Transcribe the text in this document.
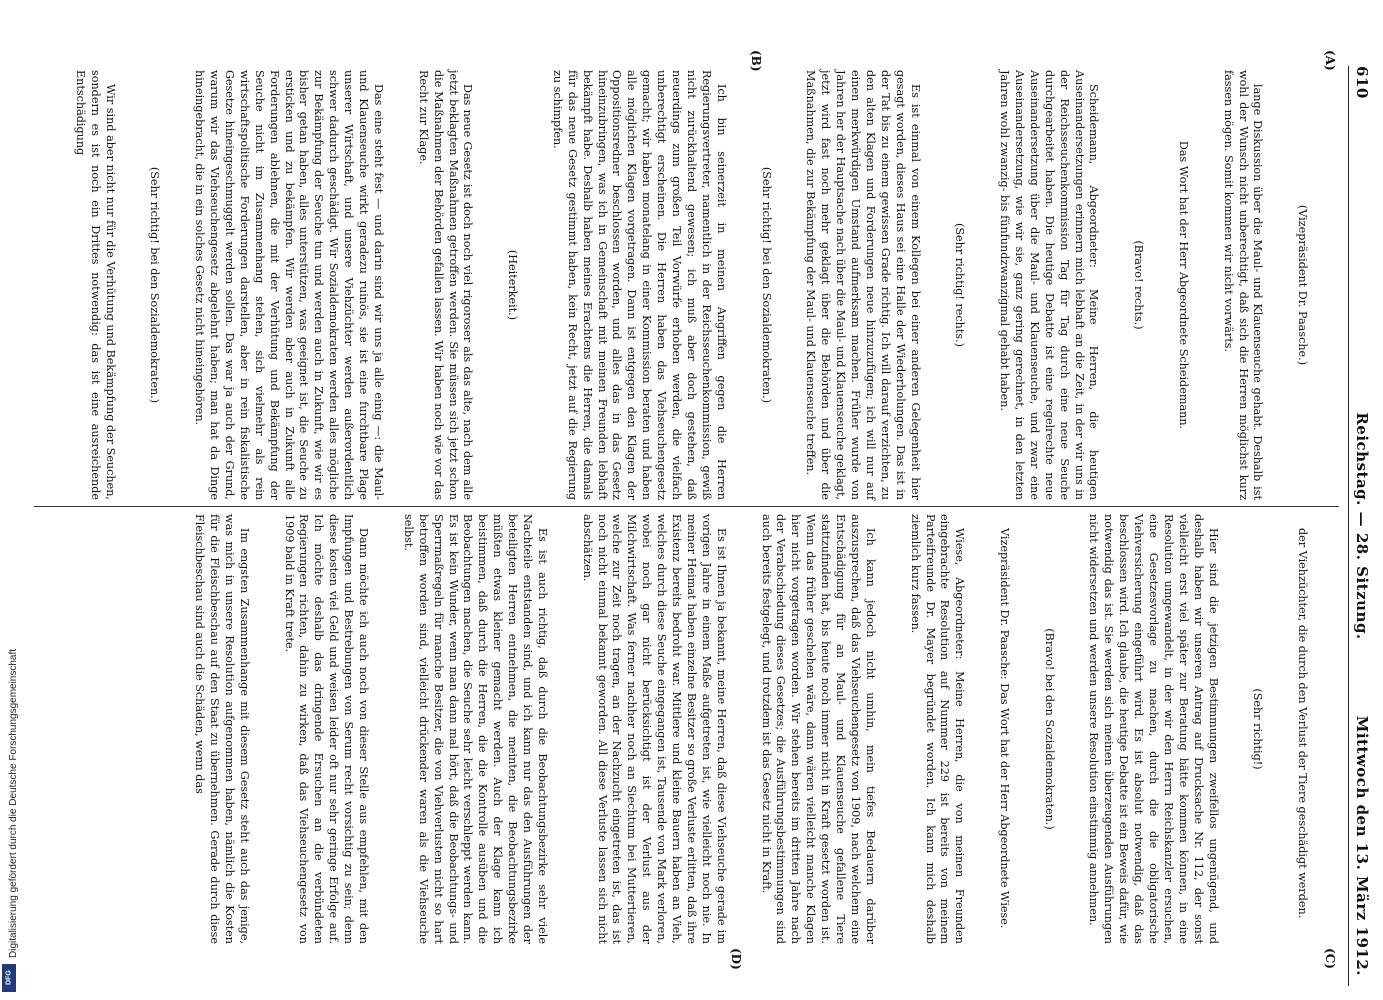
610
Reichstag. — 28. Sitzung.
Mittwoch den 13. März 1912.
(A)
(B)
(C)
(D)

(Vizepräsident Dr. Paasche.)

lange Diskussion über die Maul- und Klauenseuche gehabt. Deshalb ist wohl der Wunsch nicht unberechtigt, daß sich die Herren möglichst kurz fassen mögen. Somit kommen wir nicht vorwärts.

Das Wort hat der Herr Abgeordnete Scheidemann.

(Bravo! rechts.)

Scheidemann, Abgeordneter: Meine Herren, die heutigen Auseinandersetzungen erinnern mich lebhaft an die Zeit, in der wir uns in der Reichsseuchenkommission Tag für Tag durch eine neue Seuche durchgearbeitet haben. Die heutige Debatte ist eine regelrechte neue Auseinandersetzung über die Maul- und Klauenseuche, und zwar eine Auseinandersetzung, wie wir sie, ganz gering gerechnet, in den letzten Jahren wohl zwanzig- bis fünfundzwanzigmal gehabt haben.

(Sehr richtig! rechts.)

Es ist einmal von einem Kollegen bei einer anderen Gelegenheit hier gesagt worden, dieses Haus sei eine Halle der Wiederholungen. Das ist in der Tat bis zu einem gewissen Grade richtig. Ich will darauf verzichten, zu den alten Klagen und Forderungen neue hinzuzufügen; ich will nur auf einen merkwürdigen Umstand aufmerksam machen. Früher wurde von Jahren her der Hauptsache nach über die Maul- und Klauenseuche geklagt, jetzt wird fast noch mehr geklagt über die Behörden und über die Maßnahmen, die zur Bekämpfung der Maul- und Klauenseuche treffen.

(Sehr richtig! bei den Sozialdemokraten.)

Ich bin seinerzeit in meinen Angriffen gegen die Herren Regierungsvertreter, namentlich in der Reichsseuchenkommission, gewiß nicht zurückhaltend gewesen; ich muß aber doch gestehen, daß neuerdings zum großen Teil Vorwürfe erhoben werden, die vielfach unberechtigt erscheinen. Die Herren haben das Viehseuchengesetz gemacht; wir haben monatelang in einer Kommission beraten und haben alle möglichen Klagen vorgetragen. Dann ist entgegen den Klagen der Oppositionsredner beschlossen worden, und alles das in das Gesetz hineinzubringen, was ich in Gemeinschaft mit meinen Freunden lebhaft bekämpft habe. Deshalb haben meines Erachtens die Herren, die damals für das neue Gesetz gestimmt haben, kein Recht, jetzt auf die Regierung zu schimpfen.

(Heiterkeit.)

Das neue Gesetz ist doch noch viel rigoroser als das alte, nach dem alle jetzt beklagten Maßnahmen getroffen werden. Sie müssen sich jetzt schon die Maßnahmen der Behörden gefallen lassen. Wir haben noch wie vor das Recht zur Klage.

Das eine steht fest — und darin sind wir uns ja alle einig —: die Maul- und Klauenseuche wirkt geradezu ruinös, sie ist eine furchtbare Plage unserer Wirtschaft, und unsere Viehzüchter werden außerordentlich schwer dadurch geschädigt. Wir Sozialdemokraten werden alles mögliche zur Bekämpfung der Seuche tun und werden auch in Zukunft, wie wir es bisher getan haben, alles unterstützen, was geeignet ist, die Seuche zu ersticken und zu bekämpfen. Wir werden aber auch in Zukunft alle Forderungen ablehnen, die mit der Verhütung und Bekämpfung der Seuche nicht im Zusammenhang stehen, sich vielmehr als rein wirtschaftspolitische Forderungen darstellen, aber in rein fiskalistische Gesetze hineingeschmuggelt werden sollen. Das war ja auch der Grund, warum wir das Viehseuchengesetz abgelehnt haben; man hat da Dinge hineingebracht, die in ein solches Gesetz nicht hineingehören.

(Sehr richtig! bei den Sozialdemokraten.)

Wir sind aber nicht nur für die Verhütung und Bekämpfung der Seuchen, sondern es ist noch ein Drittes notwendig: das ist eine ausreichende Entschädigung

der Viehzüchter, die durch den Verlust der Tiere geschädigt werden.

(Sehr richtig!)

Hier sind die jetzigen Bestimmungen zweifellos ungenügend, und deshalb haben wir unseren Antrag auf Drucksache Nr. 112, der sonst vielleicht erst viel später zur Beratung hätte kommen können, in eine Resolution umgewandelt, in der wir den Herrn Reichskanzler ersuchen, eine Gesetzesvorlage zu machen, durch die die obligatorische Viehversicherung eingeführt wird. Es ist absolut notwendig, daß das beschlossen wird. Ich glaube, die heutige Debatte ist ein Beweis dafür, wie notwendig das ist. Sie werden sich meinen überzeugenden Ausführungen nicht widersetzen und werden unsere Resolution einstimmig annehmen.

(Bravo! bei den Sozialdemokraten.)

Vizepräsident Dr. Paasche: Das Wort hat der Herr Abgeordnete Wiese.

Wiese, Abgeordneter: Meine Herren, die von meinen Freunden eingebrachte Resolution auf Nummer 229 ist bereits von meinem Parteifreunde Dr. Mayer begründet worden. Ich kann mich deshalb ziemlich kurz fassen.

Ich kann jedoch nicht umhin, mein tiefes Bedauern darüber auszusprechen, daß das Viehseuchengesetz von 1909, nach welchem eine Entschädigung für an Maul- und Klauenseuche gefallene Tiere stattzufinden hat, bis heute noch immer nicht in Kraft gesetzt worden ist. Wenn das früher geschehen wäre, dann wären vielleicht manche Klagen hier nicht vorgetragen worden. Wir stehen bereits im dritten Jahre nach der Verabschiedung dieses Gesetzes; die Ausführungsbestimmungen sind auch bereits festgelegt, und trotzdem ist das Gesetz nicht in Kraft.

Es ist Ihnen ja bekannt, meine Herren, daß diese Viehseuche gerade im vorigen Jahre in einem Maße aufgetreten ist, wie vielleicht noch nie. In meiner Heimat haben einzelne Besitzer so große Verluste erlitten, daß ihre Existenz bereits bedroht war. Mittlere und kleine Bauern haben an Vieh, welches durch diese Seuche eingegangen ist, Tausende von Mark verloren, wobei noch gar nicht berücksichtigt ist der Verlust aus der Milchwirtschaft. Was ferner nachher noch an Siechtum bei Muttertieren, welche zur Zeit noch tragen, an der Nachzucht eingetreten ist, das ist noch nicht einmal bekannt geworden. All diese Verluste lassen sich nicht abschätzen.

Es ist auch richtig, daß durch die Beobachtungsbezirke sehr viele Nachteile entstanden sind, und ich kann nur das den Ausführungen der beteiligten Herren entnehmen, die meinten, die Beobachtungsbezirke müßten etwas kleiner gemacht werden. Auch der Klage kann ich beistimmen, daß durch die Herren, die die Kontrolle ausüben und die Beobachtungen machen, die Seuche sehr leicht verschleppt werden kann. Es ist kein Wunder, wenn man dann mal hört, daß die Beobachtungs- und Sperrmaßregeln für manche Besitzer, die von Viehverlusten nicht so hart betroffen worden sind, vielleicht drückender waren als die Viehseuche selbst.

Dann möchte ich auch noch von dieser Stelle aus empfehlen, mit den Impfungen und Bestrebungen von Serum recht vorsichtig zu sein; denn diese kosten viel Geld und weisen leider oft nur sehr geringe Erfolge auf. Ich möchte deshalb das dringende Ersuchen an die verbündeten Regierungen richten, dahin zu wirken, daß das Viehseuchengesetz von 1909 bald in Kraft trete.

Im engsten Zusammenhange mit diesem Gesetz steht auch das jenige, was mich in unsere Resolution aufgenommen haben, nämlich die Kosten für die Fleischbeschau auf den Staat zu übernehmen. Gerade durch diese Fleischbeschau sind auch die Schäden, wenn das

Digitalisierung gefördert durch die Deutsche Forschungsgemeinschaft
DFG
